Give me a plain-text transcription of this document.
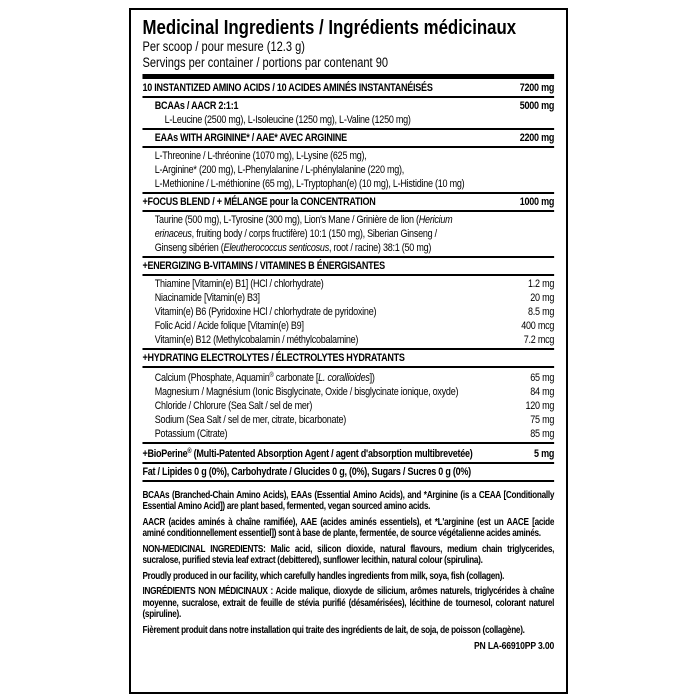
Medicinal Ingredients / Ingrédients médicinaux
Per scoop / pour mesure (12.3 g)
Servings per container / portions par contenant 90
10 INSTANTIZED AMINO ACIDS / 10 ACIDES AMINÉS INSTANTANÉISÉS	7200 mg
BCAAs / AACR 2:1:1	5000 mg
L-Leucine (2500 mg), L-Isoleucine (1250 mg), L-Valine (1250 mg)
EAAs WITH ARGININE* / AAE* AVEC ARGININE	2200 mg
L-Threonine / L-thréonine (1070 mg), L-Lysine (625 mg),
L-Arginine* (200 mg), L-Phenylalanine / L-phénylalanine (220 mg),
L-Methionine / L-méthionine (65 mg), L-Tryptophan(e) (10 mg), L-Histidine (10 mg)
+FOCUS BLEND / + MÉLANGE pour la CONCENTRATION	1000 mg
Taurine (500 mg), L-Tyrosine (300 mg), Lion's Mane / Grinière de lion (Hericium
erinaceus, fruiting body / corps fructifère) 10:1 (150 mg), Siberian Ginseng /
Ginseng sibérien (Eleutherococcus senticosus, root / racine) 38:1 (50 mg)
+ENERGIZING B-VITAMINS / VITAMINES B ÉNERGISANTES
Thiamine [Vitamin(e) B1] (HCl / chlorhydrate)	1.2 mg
Niacinamide [Vitamin(e) B3]	20 mg
Vitamin(e) B6 (Pyridoxine HCl / chlorhydrate de pyridoxine)	8.5 mg
Folic Acid / Acide folique [Vitamin(e) B9]	400 mcg
Vitamin(e) B12 (Methylcobalamin / méthylcobalamine)	7.2 mcg
+HYDRATING ELECTROLYTES / ÉLECTROLYTES HYDRATANTS
Calcium (Phosphate, Aquamin® carbonate [L. corallioides])	65 mg
Magnesium / Magnésium (Ionic Bisglycinate, Oxide / bisglycinate ionique, oxyde)	84 mg
Chloride / Chlorure (Sea Salt / sel de mer)	120 mg
Sodium (Sea Salt / sel de mer, citrate, bicarbonate)	75 mg
Potassium (Citrate)	85 mg
+BioPerine® (Multi-Patented Absorption Agent / agent d'absorption multibrevetée)	5 mg
Fat / Lipides 0 g (0%), Carbohydrate / Glucides 0 g, (0%), Sugars / Sucres 0 g (0%)

BCAAs (Branched-Chain Amino Acids), EAAs (Essential Amino Acids), and *Arginine (is a CEAA [Conditionally Essential Amino Acid]) are plant based, fermented, vegan sourced amino acids.

AACR (acides aminés à chaîne ramifiée), AAE (acides aminés essentiels), et *L'arginine (est un AACE [acide aminé conditionnellement essentiel]) sont à base de plante, fermentée, de source végétalienne acides aminés.

NON-MEDICINAL INGREDIENTS: Malic acid, silicon dioxide, natural flavours, medium chain triglycerides, sucralose, purified stevia leaf extract (debittered), sunflower lecithin, natural colour (spirulina).

Proudly produced in our facility, which carefully handles ingredients from milk, soya, fish (collagen).

INGRÉDIENTS NON MÉDICINAUX : Acide malique, dioxyde de silicium, arômes naturels, triglycérides à chaîne moyenne, sucralose, extrait de feuille de stévia purifié (désamérisées), lécithine de tournesol, colorant naturel (spiruline).

Fièrement produit dans notre installation qui traite des ingrédients de lait, de soja, de poisson (collagène).

PN LA-66910PP 3.00
